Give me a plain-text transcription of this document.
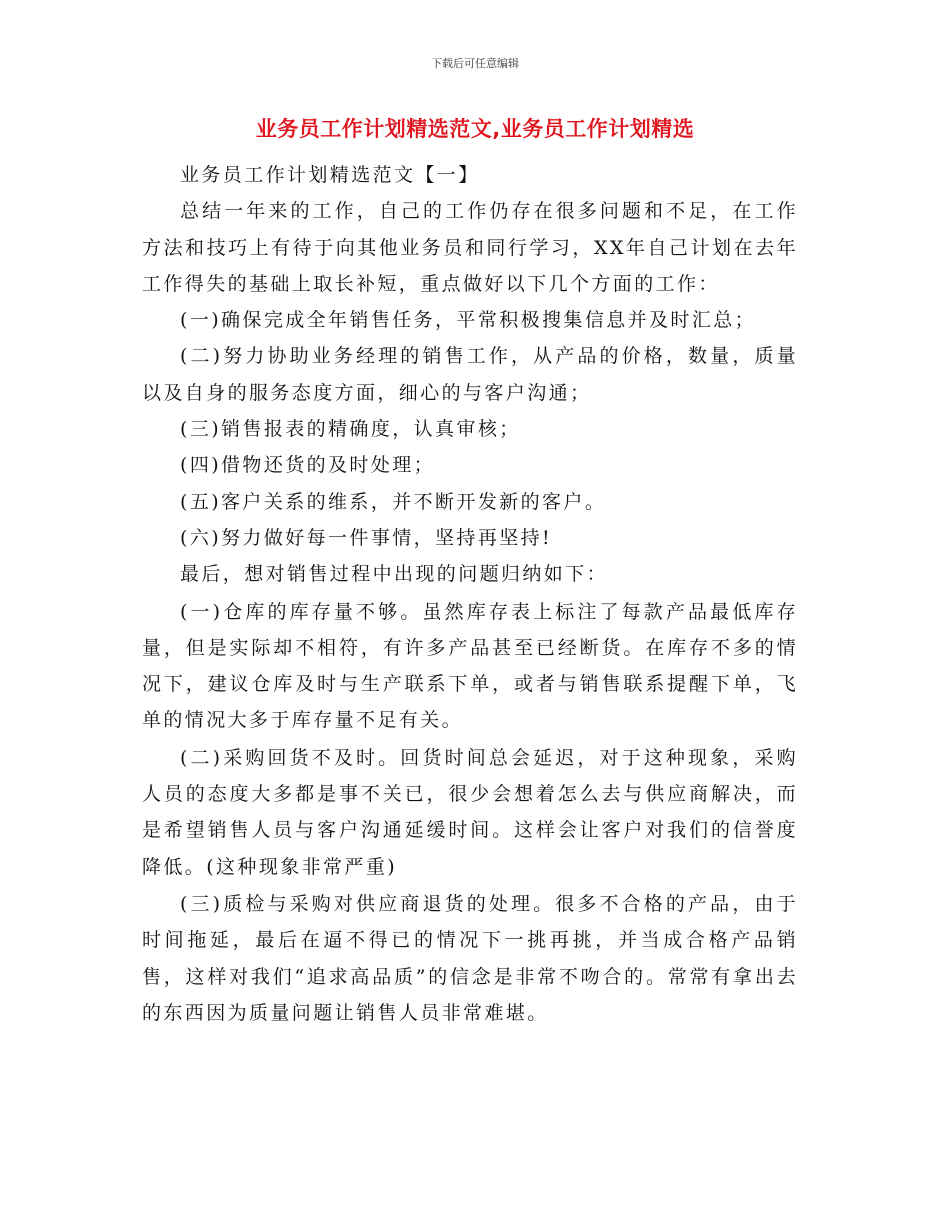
下载后可任意编辑
业务员工作计划精选范文,业务员工作计划精选

业务员工作计划精选范文【一】

总结一年来的工作，自己的工作仍存在很多问题和不足，在工作方法和技巧上有待于向其他业务员和同行学习，XX年自己计划在去年工作得失的基础上取长补短，重点做好以下几个方面的工作：

(一)确保完成全年销售任务，平常积极搜集信息并及时汇总；

(二)努力协助业务经理的销售工作，从产品的价格，数量，质量以及自身的服务态度方面，细心的与客户沟通；

(三)销售报表的精确度，认真审核；

(四)借物还货的及时处理；

(五)客户关系的维系，并不断开发新的客户。

(六)努力做好每一件事情，坚持再坚持!

最后，想对销售过程中出现的问题归纳如下：

(一)仓库的库存量不够。虽然库存表上标注了每款产品最低库存量，但是实际却不相符，有许多产品甚至已经断货。在库存不多的情况下，建议仓库及时与生产联系下单，或者与销售联系提醒下单，飞单的情况大多于库存量不足有关。

(二)采购回货不及时。回货时间总会延迟，对于这种现象，采购人员的态度大多都是事不关已，很少会想着怎么去与供应商解决，而是希望销售人员与客户沟通延缓时间。这样会让客户对我们的信誉度降低。(这种现象非常严重)

(三)质检与采购对供应商退货的处理。很多不合格的产品，由于时间拖延，最后在逼不得已的情况下一挑再挑，并当成合格产品销售，这样对我们“追求高品质”的信念是非常不吻合的。常常有拿出去的东西因为质量问题让销售人员非常难堪。
